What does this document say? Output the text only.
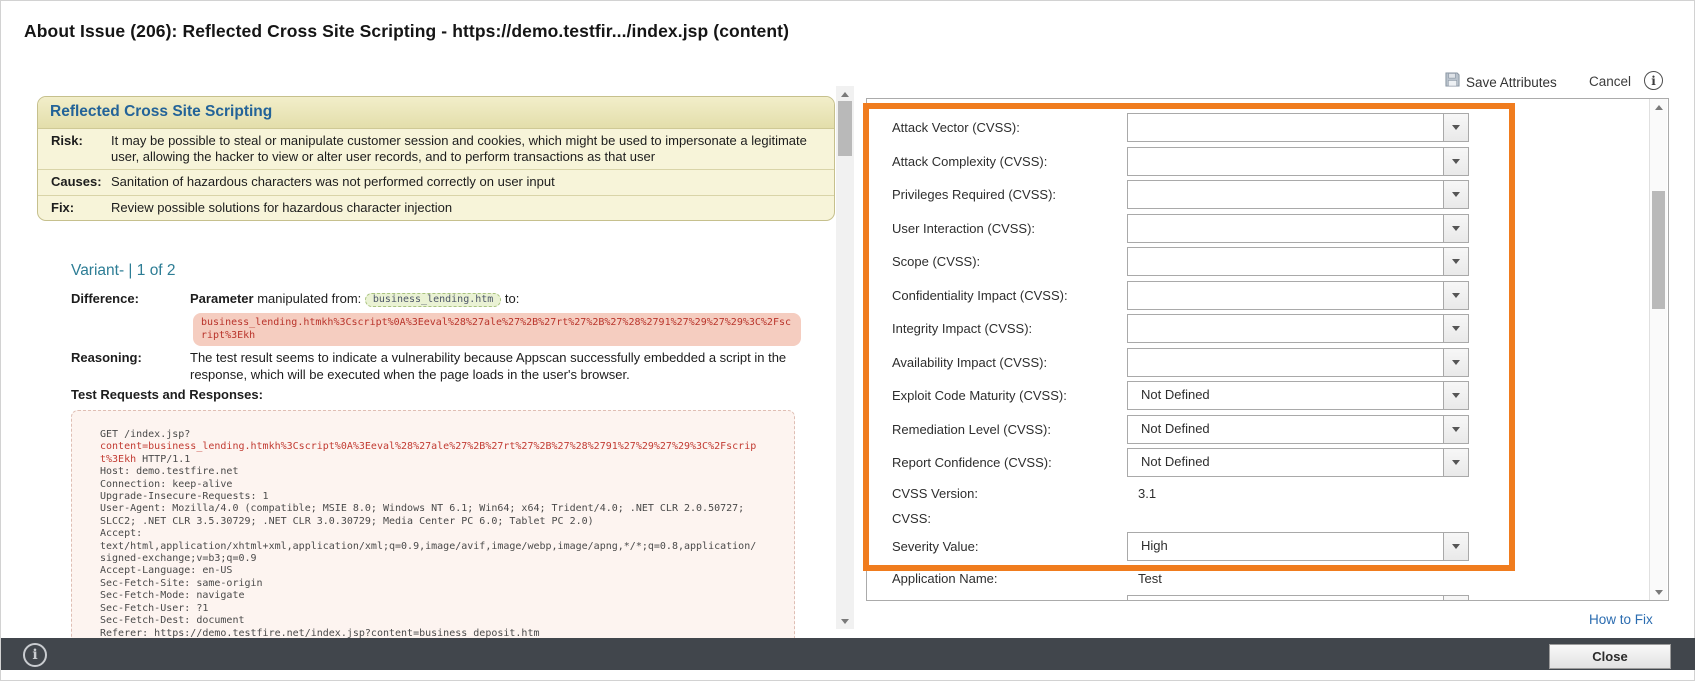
About Issue (206): Reflected Cross Site Scripting - https://demo.testfir.../index.jsp (content)
Reflected Cross Site Scripting
Risk:	It may be possible to steal or manipulate customer session and cookies, which might be used to impersonate a legitimate user, allowing the hacker to view or alter user records, and to perform transactions as that user
Causes: Sanitation of hazardous characters was not performed correctly on user input
Fix:	Review possible solutions for hazardous character injection
Variant- | 1 of 2
Difference:	Parameter manipulated from: business_lending.htm to:
business_lending.htmkh%3Cscript%0A%3Eeval%28%27ale%27%2B%27rt%27%2B%27%28%2791%27%29%27%29%3C%2Fscript%3Ekh
Reasoning:	The test result seems to indicate a vulnerability because Appscan successfully embedded a script in the response, which will be executed when the page loads in the user's browser.
Test Requests and Responses:
GET /index.jsp?
content=business_lending.htmkh%3Cscript%0A%3Eeval%28%27ale%27%2B%27rt%27%2B%27%28%2791%27%29%27%29%3C%2Fscrip
t%3Ekh HTTP/1.1
Host: demo.testfire.net
Connection: keep-alive
Upgrade-Insecure-Requests: 1
User-Agent: Mozilla/4.0 (compatible; MSIE 8.0; Windows NT 6.1; Win64; x64; Trident/4.0; .NET CLR 2.0.50727;
SLCC2; .NET CLR 3.5.30729; .NET CLR 3.0.30729; Media Center PC 6.0; Tablet PC 2.0)
Accept:
text/html,application/xhtml+xml,application/xml;q=0.9,image/avif,image/webp,image/apng,*/*;q=0.8,application/
signed-exchange;v=b3;q=0.9
Accept-Language: en-US
Sec-Fetch-Site: same-origin
Sec-Fetch-Mode: navigate
Sec-Fetch-User: ?1
Sec-Fetch-Dest: document
Referer: https://demo.testfire.net/index.jsp?content=business_deposit.htm
Save Attributes Cancel	i
Attack Vector (CVSS):
Attack Complexity (CVSS):
Privileges Required (CVSS):
User Interaction (CVSS):
Scope (CVSS):
Confidentiality Impact (CVSS):
Integrity Impact (CVSS):
Availability Impact (CVSS):
Exploit Code Maturity (CVSS):	Not Defined
Remediation Level (CVSS):	Not Defined
Report Confidence (CVSS):	Not Defined
CVSS Version:	3.1
CVSS:
Severity Value:	High
Application Name:	Test
How to Fix
i	Close
